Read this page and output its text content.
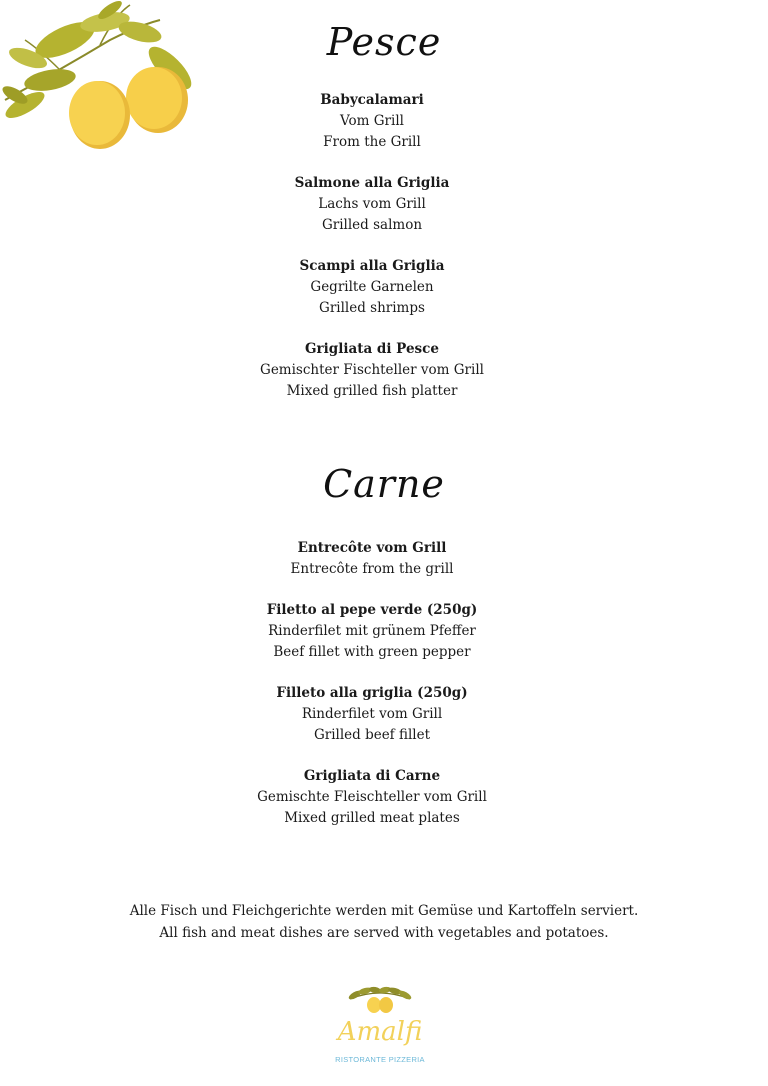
Pesce
Babycalamari
Vom Grill
From the Grill
Salmone alla Griglia
Lachs vom Grill
Grilled salmon
Scampi alla Griglia
Gegrilte Garnelen
Grilled shrimps
Grigliata di Pesce
Gemischter Fischteller vom Grill
Mixed grilled fish platter
Carne
Entrecôte vom Grill
Entrecôte from the grill
Filetto al pepe verde (250g)
Rinderfilet mit grünem Pfeffer
Beef fillet with green pepper
Filleto alla griglia (250g)
Rinderfilet vom Grill
Grilled beef fillet
Grigliata di Carne
Gemischte Fleischteller vom Grill
Mixed grilled meat plates
Alle Fisch und Fleichgerichte werden mit Gemüse und Kartoffeln serviert.
All fish and meat dishes are served with vegetables and potatoes.
Amalfi
RISTORANTE PIZZERIA
